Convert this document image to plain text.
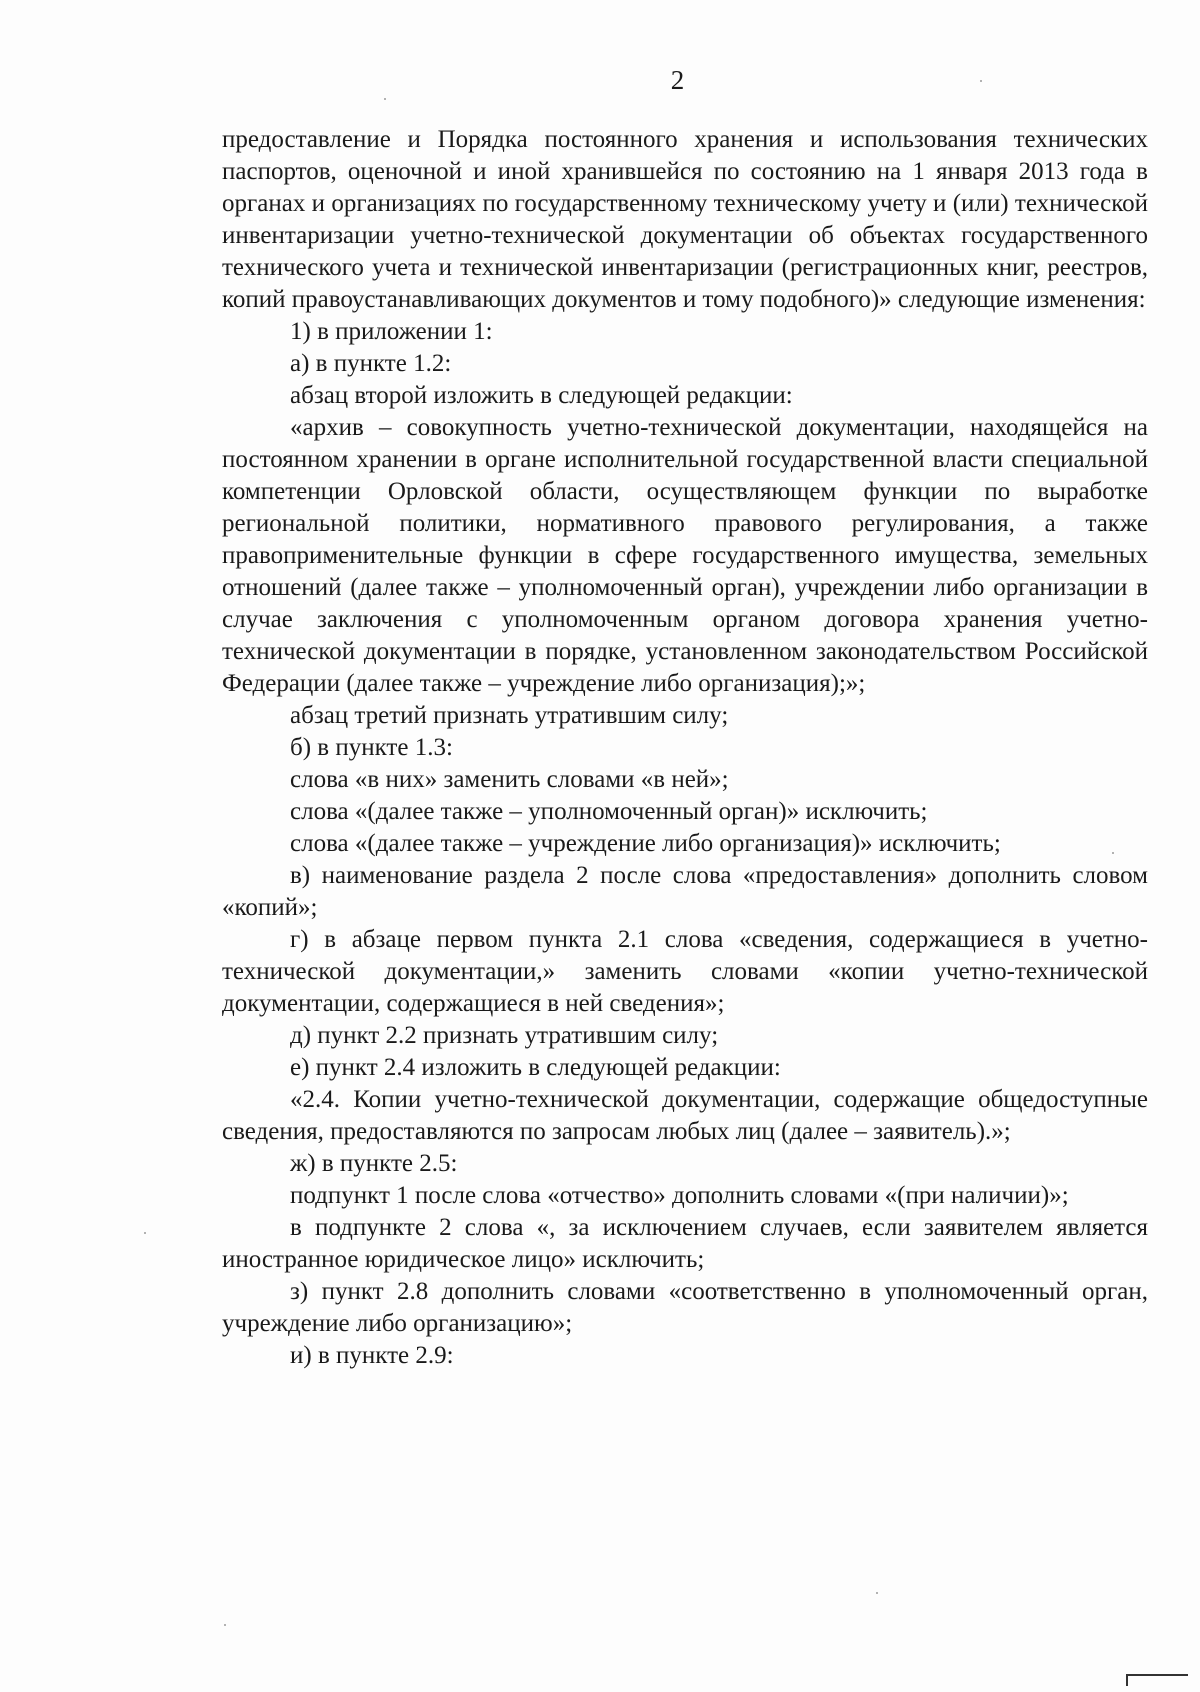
2

предоставление и Порядка постоянного хранения и использования технических паспортов, оценочной и иной хранившейся по состоянию на 1 января 2013 года в органах и организациях по государственному техническому учету и (или) технической инвентаризации учетно-технической документации об объектах государственного технического учета и технической инвентаризации (регистрационных книг, реестров, копий правоустанавливающих документов и тому подобного)» следующие изменения:

1) в приложении 1:

а) в пункте 1.2:

абзац второй изложить в следующей редакции:

«архив – совокупность учетно-технической документации, находящейся на постоянном хранении в органе исполнительной государственной власти специальной компетенции Орловской области, осуществляющем функции по выработке региональной политики, нормативного правового регулирования, а также правоприменительные функции в сфере государственного имущества, земельных отношений (далее также – уполномоченный орган), учреждении либо организации в случае заключения с уполномоченным органом договора хранения учетно-технической документации в порядке, установленном законодательством Российской Федерации (далее также – учреждение либо организация);»;

абзац третий признать утратившим силу;

б) в пункте 1.3:

слова «в них» заменить словами «в ней»;

слова «(далее также – уполномоченный орган)» исключить;

слова «(далее также – учреждение либо организация)» исключить;

в) наименование раздела 2 после слова «предоставления» дополнить словом «копий»;

г) в абзаце первом пункта 2.1 слова «сведения, содержащиеся в учетно-технической документации,» заменить словами «копии учетно-технической документации, содержащиеся в ней сведения»;

д) пункт 2.2 признать утратившим силу;

е) пункт 2.4 изложить в следующей редакции:

«2.4. Копии учетно-технической документации, содержащие общедоступные сведения, предоставляются по запросам любых лиц (далее – заявитель).»;

ж) в пункте 2.5:

подпункт 1 после слова «отчество» дополнить словами «(при наличии)»;

в подпункте 2 слова «, за исключением случаев, если заявителем является иностранное юридическое лицо» исключить;

з) пункт 2.8 дополнить словами «соответственно в уполномоченный орган, учреждение либо организацию»;

и) в пункте 2.9:
